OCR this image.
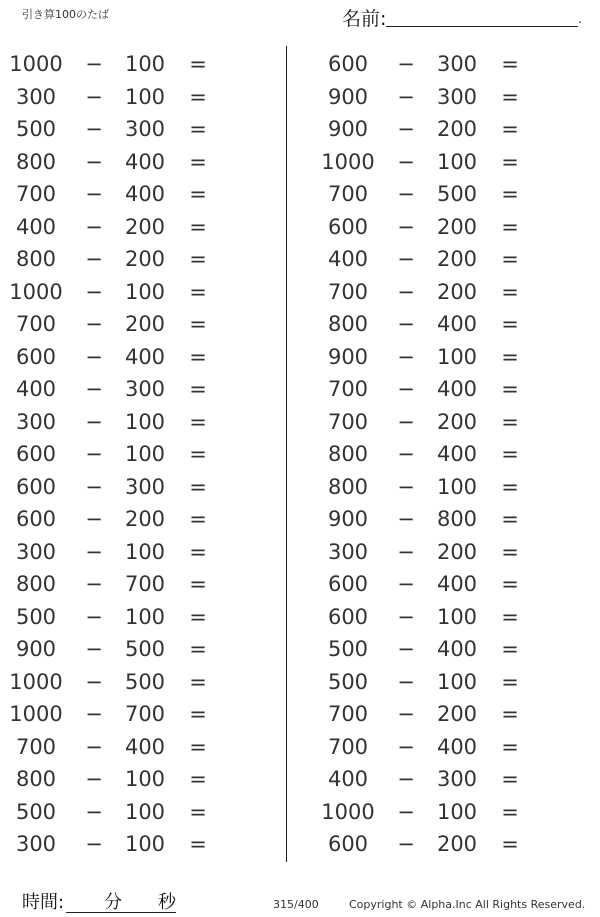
引き算100のたば	名前:	.
1000	−	100	=
300	−	100	=
500	−	300	=
800	−	400	=
700	−	400	=
400	−	200	=
800	−	200	=
1000	−	100	=
700	−	200	=
600	−	400	=
400	−	300	=
300	−	100	=
600	−	100	=
600	−	300	=
600	−	200	=
300	−	100	=
800	−	700	=
500	−	100	=
900	−	500	=
1000	−	500	=
1000	−	700	=
700	−	400	=
800	−	100	=
500	−	100	=
300	−	100	=
600	−	300	=
900	−	300	=
900	−	200	=
1000	−	100	=
700	−	500	=
600	−	200	=
400	−	200	=
700	−	200	=
800	−	400	=
900	−	100	=
700	−	400	=
700	−	200	=
800	−	400	=
800	−	100	=
900	−	800	=
300	−	200	=
600	−	400	=
600	−	100	=
500	−	400	=
500	−	100	=
700	−	200	=
700	−	400	=
400	−	300	=
1000	−	100	=
600	−	200	=
時間: 分 秒	315/400	Copyright © Alpha.Inc All Rights Reserved.
